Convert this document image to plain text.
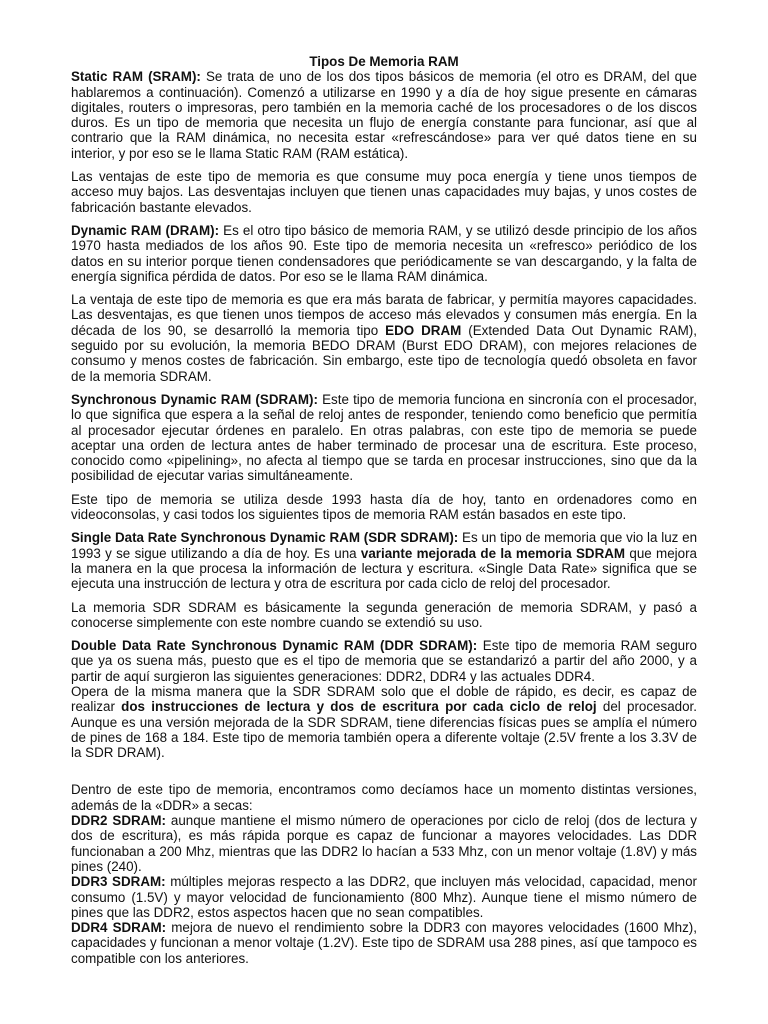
Tipos De Memoria RAM

Static RAM (SRAM): Se trata de uno de los dos tipos básicos de memoria (el otro es DRAM, del que hablaremos a continuación). Comenzó a utilizarse en 1990 y a día de hoy sigue presente en cámaras digitales, routers o impresoras, pero también en la memoria caché de los procesadores o de los discos duros. Es un tipo de memoria que necesita un flujo de energía constante para funcionar, así que al contrario que la RAM dinámica, no necesita estar «refrescándose» para ver qué datos tiene en su interior, y por eso se le llama Static RAM (RAM estática).

Las ventajas de este tipo de memoria es que consume muy poca energía y tiene unos tiempos de acceso muy bajos. Las desventajas incluyen que tienen unas capacidades muy bajas, y unos costes de fabricación bastante elevados.

Dynamic RAM (DRAM): Es el otro tipo básico de memoria RAM, y se utilizó desde principio de los años 1970 hasta mediados de los años 90. Este tipo de memoria necesita un «refresco» periódico de los datos en su interior porque tienen condensadores que periódicamente se van descargando, y la falta de energía significa pérdida de datos. Por eso se le llama RAM dinámica.

La ventaja de este tipo de memoria es que era más barata de fabricar, y permitía mayores capacidades. Las desventajas, es que tienen unos tiempos de acceso más elevados y consumen más energía. En la década de los 90, se desarrolló la memoria tipo EDO DRAM (Extended Data Out Dynamic RAM), seguido por su evolución, la memoria BEDO DRAM (Burst EDO DRAM), con mejores relaciones de consumo y menos costes de fabricación. Sin embargo, este tipo de tecnología quedó obsoleta en favor de la memoria SDRAM.

Synchronous Dynamic RAM (SDRAM): Este tipo de memoria funciona en sincronía con el procesador, lo que significa que espera a la señal de reloj antes de responder, teniendo como beneficio que permitía al procesador ejecutar órdenes en paralelo. En otras palabras, con este tipo de memoria se puede aceptar una orden de lectura antes de haber terminado de procesar una de escritura. Este proceso, conocido como «pipelining», no afecta al tiempo que se tarda en procesar instrucciones, sino que da la posibilidad de ejecutar varias simultáneamente.

Este tipo de memoria se utiliza desde 1993 hasta día de hoy, tanto en ordenadores como en videoconsolas, y casi todos los siguientes tipos de memoria RAM están basados en este tipo.

Single Data Rate Synchronous Dynamic RAM (SDR SDRAM): Es un tipo de memoria que vio la luz en 1993 y se sigue utilizando a día de hoy. Es una variante mejorada de la memoria SDRAM que mejora la manera en la que procesa la información de lectura y escritura. «Single Data Rate» significa que se ejecuta una instrucción de lectura y otra de escritura por cada ciclo de reloj del procesador.

La memoria SDR SDRAM es básicamente la segunda generación de memoria SDRAM, y pasó a conocerse simplemente con este nombre cuando se extendió su uso.

Double Data Rate Synchronous Dynamic RAM (DDR SDRAM): Este tipo de memoria RAM seguro que ya os suena más, puesto que es el tipo de memoria que se estandarizó a partir del año 2000, y a partir de aquí surgieron las siguientes generaciones: DDR2, DDR4 y las actuales DDR4.

Opera de la misma manera que la SDR SDRAM solo que el doble de rápido, es decir, es capaz de realizar dos instrucciones de lectura y dos de escritura por cada ciclo de reloj del procesador. Aunque es una versión mejorada de la SDR SDRAM, tiene diferencias físicas pues se amplía el número de pines de 168 a 184. Este tipo de memoria también opera a diferente voltaje (2.5V frente a los 3.3V de la SDR DRAM).

Dentro de este tipo de memoria, encontramos como decíamos hace un momento distintas versiones, además de la «DDR» a secas:

DDR2 SDRAM: aunque mantiene el mismo número de operaciones por ciclo de reloj (dos de lectura y dos de escritura), es más rápida porque es capaz de funcionar a mayores velocidades. Las DDR funcionaban a 200 Mhz, mientras que las DDR2 lo hacían a 533 Mhz, con un menor voltaje (1.8V) y más pines (240).

DDR3 SDRAM: múltiples mejoras respecto a las DDR2, que incluyen más velocidad, capacidad, menor consumo (1.5V) y mayor velocidad de funcionamiento (800 Mhz). Aunque tiene el mismo número de pines que las DDR2, estos aspectos hacen que no sean compatibles.

DDR4 SDRAM: mejora de nuevo el rendimiento sobre la DDR3 con mayores velocidades (1600 Mhz), capacidades y funcionan a menor voltaje (1.2V). Este tipo de SDRAM usa 288 pines, así que tampoco es compatible con los anteriores.
